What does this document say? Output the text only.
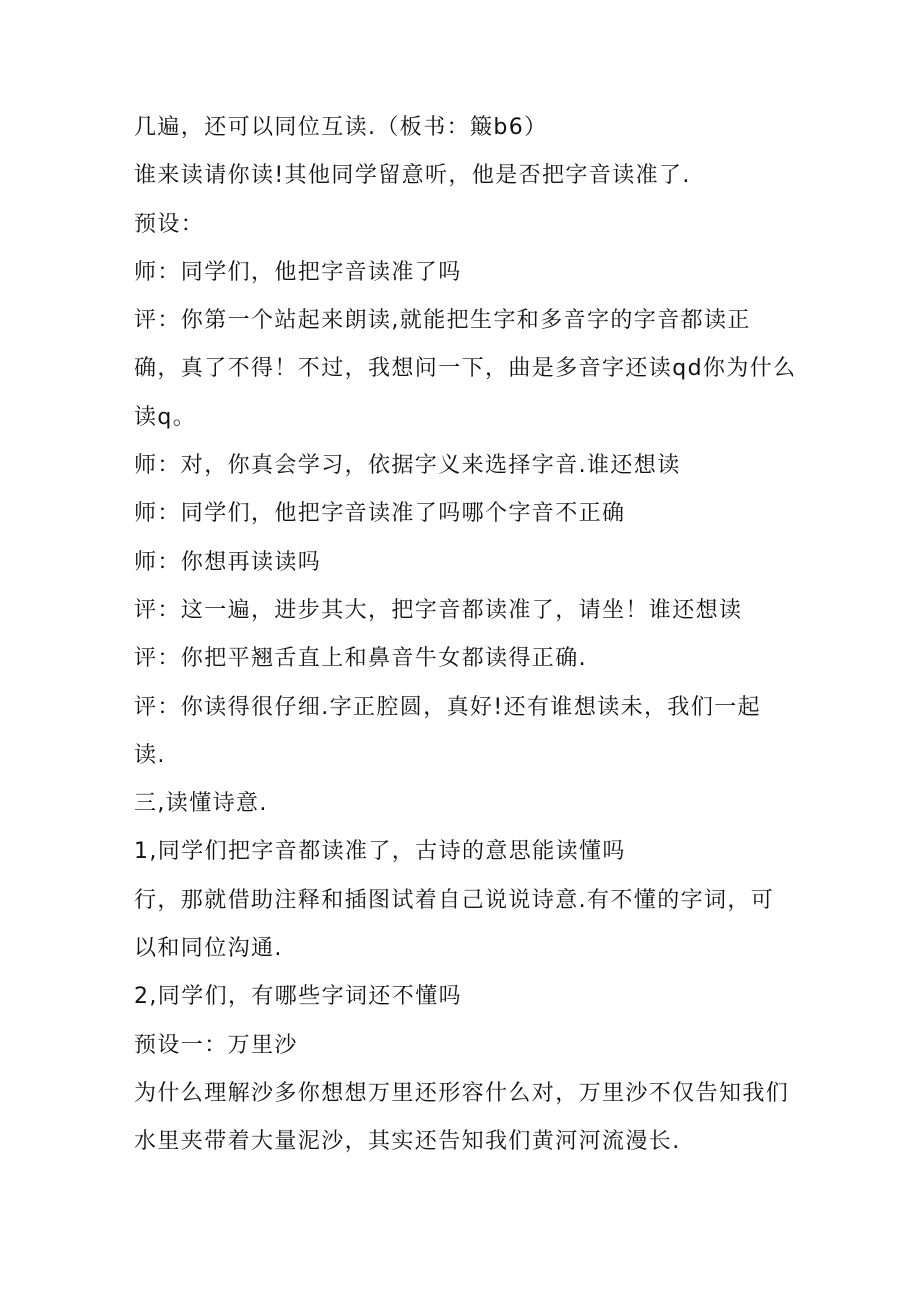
几遍，还可以同位互读.（板书：簸b6）
谁来读请你读!其他同学留意听，他是否把字音读准了.
预设：
师：同学们，他把字音读准了吗
评：你第一个站起来朗读,就能把生字和多音字的字音都读正
确，真了不得！不过，我想问一下，曲是多音字还读qd你为什么
读q。
师：对，你真会学习，依据字义来选择字音.谁还想读
师：同学们，他把字音读准了吗哪个字音不正确
师：你想再读读吗
评：这一遍，进步其大，把字音都读准了，请坐！谁还想读
评：你把平翘舌直上和鼻音牛女都读得正确.
评：你读得很仔细.字正腔圆，真好!还有谁想读未，我们一起
读.
三,读懂诗意.
1,同学们把字音都读准了，古诗的意思能读懂吗
行，那就借助注释和插图试着自己说说诗意.有不懂的字词，可
以和同位沟通.
2,同学们，有哪些字词还不懂吗
预设一：万里沙
为什么理解沙多你想想万里还形容什么对，万里沙不仅告知我们
水里夹带着大量泥沙，其实还告知我们黄河河流漫长.
